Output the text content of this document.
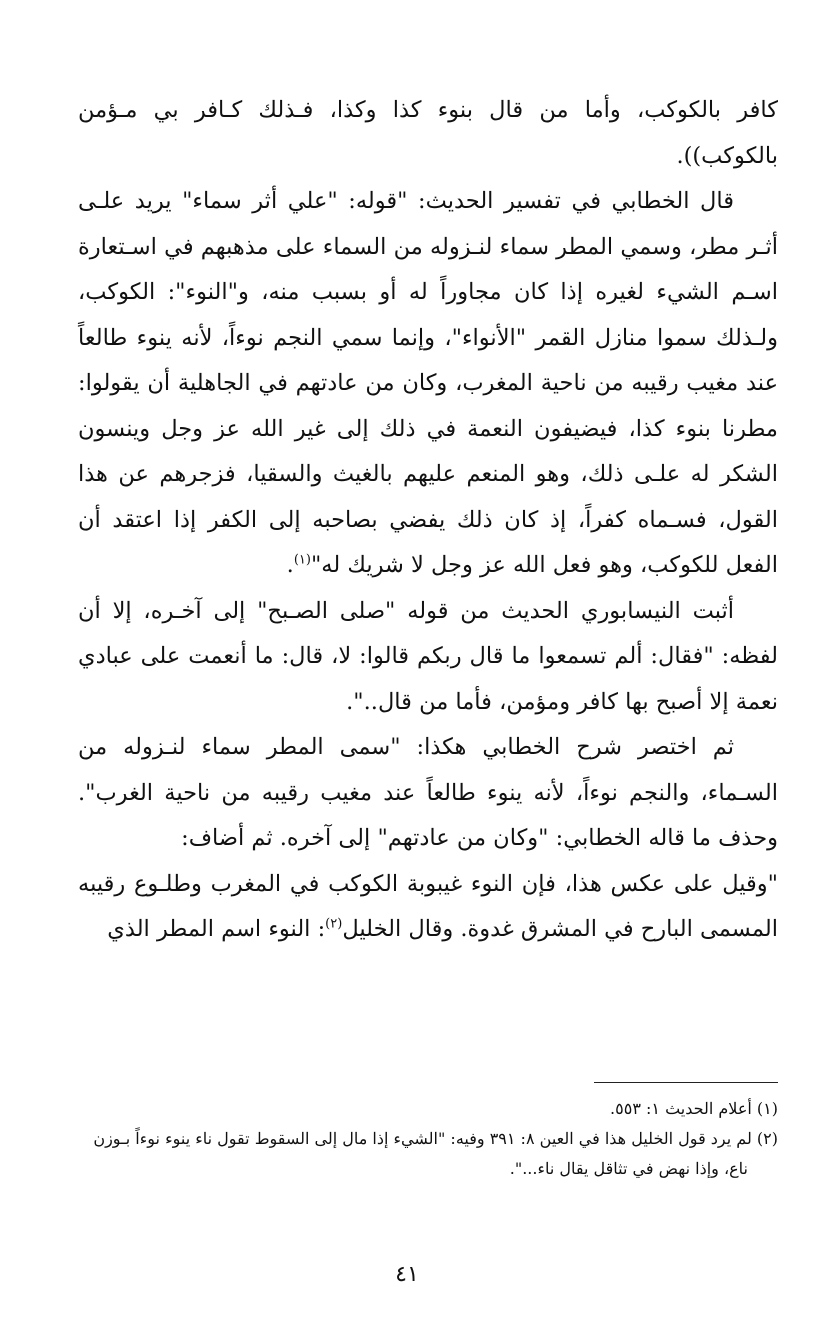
كافر بالكوكب، وأما من قال بنوء كذا وكذا، فـذلك كـافر بي مـؤمن بالكوكب)).

قال الخطابي في تفسير الحديث: "قوله: "علي أثر سماء" يريد علـى أثـر مطر، وسمي المطر سماء لنـزوله من السماء على مذهبهم في اسـتعارة اسـم الشيء لغيره إذا كان مجاوراً له أو بسبب منه، و"النوء": الكوكب، ولـذلك سموا منازل القمر "الأنواء"، وإنما سمي النجم نوءاً، لأنه ينوء طالعاً عند مغيب رقيبه من ناحية المغرب، وكان من عادتهم في الجاهلية أن يقولوا: مطرنا بنوء كذا، فيضيفون النعمة في ذلك إلى غير الله عز وجل وينسون الشكر له علـى ذلك، وهو المنعم عليهم بالغيث والسقيا، فزجرهم عن هذا القول، فسـماه كفراً، إذ كان ذلك يفضي بصاحبه إلى الكفر إذا اعتقد أن الفعل للكوكب، وهو فعل الله عز وجل لا شريك له"$^{(١)}$.

أثبت النيسابوري الحديث من قوله "صلى الصـبح" إلى آخـره، إلا أن لفظه: "فقال: ألم تسمعوا ما قال ربكم قالوا: لا، قال: ما أنعمت على عبادي نعمة إلا أصبح بها كافر ومؤمن، فأما من قال..".

ثم اختصر شرح الخطابي هكذا: "سمى المطر سماء لنـزوله من السـماء، والنجم نوءاً، لأنه ينوء طالعاً عند مغيب رقيبه من ناحية الغرب". وحذف ما قاله الخطابي: "وكان من عادتهم" إلى آخره. ثم أضاف:

"وقيل على عكس هذا، فإن النوء غيبوبة الكوكب في المغرب وطلـوع رقيبه المسمى البارح في المشرق غدوة. وقال الخليل$^{(٢)}$: النوء اسم المطر الذي

(١) أعلام الحديث ١: ٥٥٣.

(٢) لم يرد قول الخليل هذا في العين ٨: ٣٩١ وفيه: "الشيء إذا مال إلى السقوط تقول ناء ينوء نوءاً بـوزن

ناع، وإذا نهض في تثاقل يقال ناء...".

٤١
